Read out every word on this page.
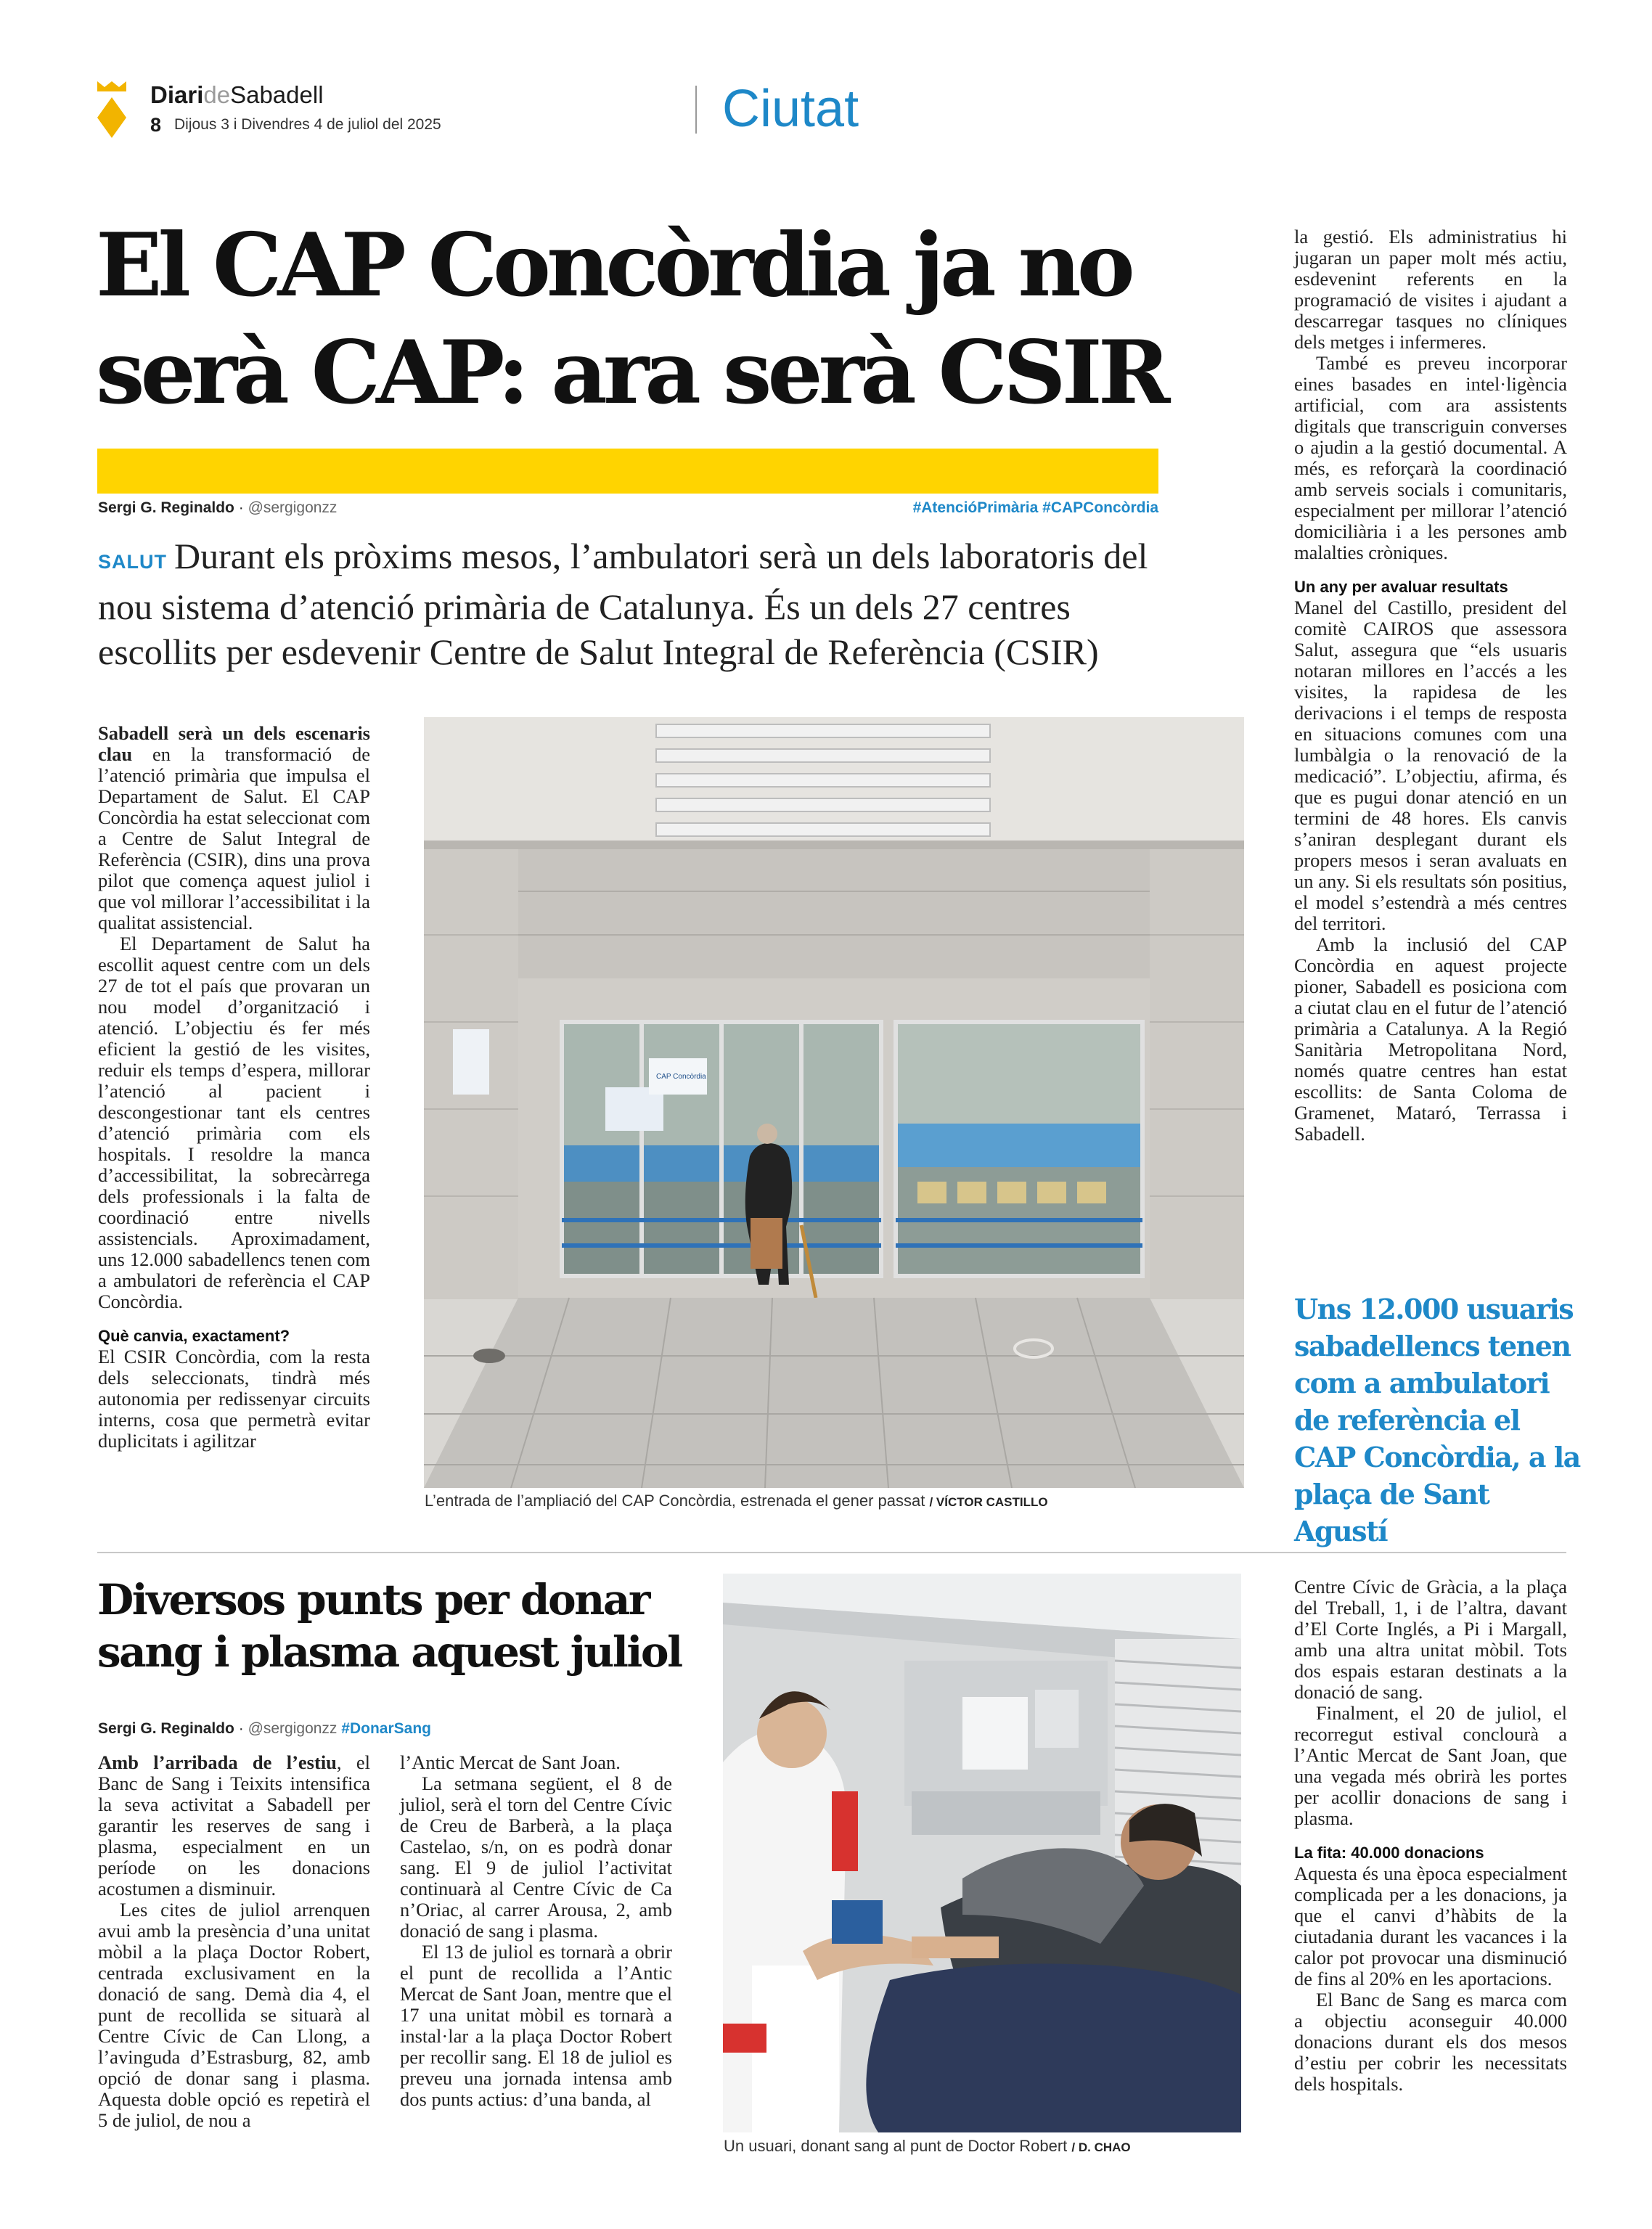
DiarideSabadell
8 Dijous 3 i Divendres 4 de juliol del 2025	Ciutat
El CAP Concòrdia ja no
serà CAP: ara serà CSIR
Sergi G. Reginaldo · @sergigonzz	#AtencióPrimària #CAPConcòrdia
SALUT Durant els pròxims mesos, l’ambulatori serà un dels laboratoris del nou sistema d’atenció primària de Catalunya. És un dels 27 centres escollits per esdevenir Centre de Salut Integral de Referència (CSIR)

Sabadell serà un dels escenaris clau en la transformació de l’atenció primària que impulsa el Departament de Salut. El CAP Concòrdia ha estat seleccionat com a Centre de Salut Integral de Referència (CSIR), dins una prova pilot que comença aquest juliol i que vol millorar l’accessibilitat i la qualitat assistencial.

El Departament de Salut ha escollit aquest centre com un dels 27 de tot el país que provaran un nou model d’organització i atenció. L’objectiu és fer més eficient la gestió de les visites, reduir els temps d’espera, millorar l’atenció al pacient i descongestionar tant els centres d’atenció primària com els hospitals. I resoldre la manca d’accessibilitat, la sobrecàrrega dels professionals i la falta de coordinació entre nivells assistencials. Aproximadament, uns 12.000 sabadellencs tenen com a ambulatori de referència el CAP Concòrdia.

Què canvia, exactament?

El CSIR Concòrdia, com la resta dels seleccionats, tindrà més autonomia per redissenyar circuits interns, cosa que permetrà evitar duplicitats i agilitzar

CAP Concòrdia
L’entrada de l’ampliació del CAP Concòrdia, estrenada el gener passat / VÍCTOR CASTILLO

la gestió. Els administratius hi jugaran un paper molt més actiu, esdevenint referents en la programació de visites i ajudant a descarregar tasques no clíniques dels metges i infermeres.

També es preveu incorporar eines basades en intel·ligència artificial, com ara assistents digitals que transcriguin converses o ajudin a la gestió documental. A més, es reforçarà la coordinació amb serveis socials i comunitaris, especialment per millorar l’atenció domiciliària i a les persones amb malalties cròniques.

Un any per avaluar resultats

Manel del Castillo, president del comitè CAIROS que assessora Salut, assegura que “els usuaris notaran millores en l’accés a les visites, la rapidesa de les derivacions i el temps de resposta en situacions comunes com una lumbàlgia o la renovació de la medicació”. L’objectiu, afirma, és que es pugui donar atenció en un termini de 48 hores. Els canvis s’aniran desplegant durant els propers mesos i seran avaluats en un any. Si els resultats són positius, el model s’estendrà a més centres del territori.

Amb la inclusió del CAP Concòrdia en aquest projecte pioner, Sabadell es posiciona com a ciutat clau en el futur de l’atenció primària a Catalunya. A la Regió Sanitària Metropolitana Nord, només quatre centres han estat escollits: de Santa Coloma de Gramenet, Mataró, Terrassa i Sabadell.

Uns 12.000 usuaris sabadellencs tenen com a ambulatori de referència el CAP Concòrdia, a la plaça de Sant Agustí
Diversos punts per donar
sang i plasma aquest juliol
Sergi G. Reginaldo · @sergigonzz #DonarSang

Amb l’arribada de l’estiu, el Banc de Sang i Teixits intensifica la seva activitat a Sabadell per garantir les reserves de sang i plasma, especialment en un període on les donacions acostumen a disminuir.

Les cites de juliol arrenquen avui amb la presència d’una unitat mòbil a la plaça Doctor Robert, centrada exclusivament en la donació de sang. Demà dia 4, el punt de recollida se situarà al Centre Cívic de Can Llong, a l’avinguda d’Estrasburg, 82, amb opció de donar sang i plasma. Aquesta doble opció es repetirà el 5 de juliol, de nou a

l’Antic Mercat de Sant Joan.

La setmana següent, el 8 de juliol, serà el torn del Centre Cívic de Creu de Barberà, a la plaça Castelao, s/n, on es podrà donar sang. El 9 de juliol l’activitat continuarà al Centre Cívic de Ca n’Oriac, al carrer Arousa, 2, amb donació de sang i plasma.

El 13 de juliol es tornarà a obrir el punt de recollida a l’Antic Mercat de Sant Joan, mentre que el 17 una unitat mòbil es tornarà a instal·lar a la plaça Doctor Robert per recollir sang. El 18 de juliol es preveu una jornada intensa amb dos punts actius: d’una banda, al

Un usuari, donant sang al punt de Doctor Robert / D. CHAO

Centre Cívic de Gràcia, a la plaça del Treball, 1, i de l’altra, davant d’El Corte Inglés, a Pi i Margall, amb una altra unitat mòbil. Tots dos espais estaran destinats a la donació de sang.

Finalment, el 20 de juliol, el recorregut estival conclourà a l’Antic Mercat de Sant Joan, que una vegada més obrirà les portes per acollir donacions de sang i plasma.

La fita: 40.000 donacions

Aquesta és una època especialment complicada per a les donacions, ja que el canvi d’hàbits de la ciutadania durant les vacances i la calor pot provocar una disminució de fins al 20% en les aportacions.

El Banc de Sang es marca com a objectiu aconseguir 40.000 donacions durant els dos mesos d’estiu per cobrir les necessitats dels hospitals.
